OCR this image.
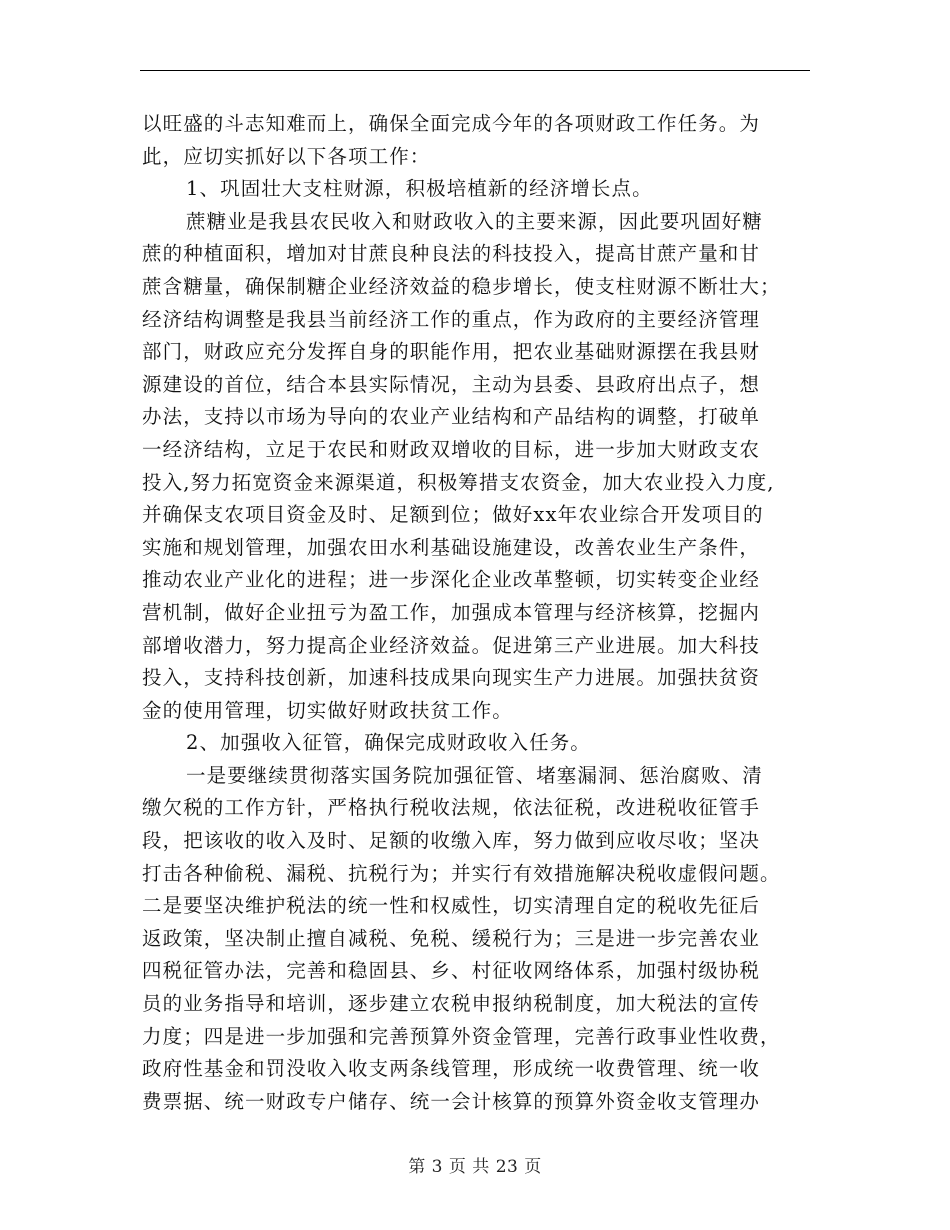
以旺盛的斗志知难而上，确保全面完成今年的各项财政工作任务。为
此，应切实抓好以下各项工作：
1、巩固壮大支柱财源，积极培植新的经济增长点。
蔗糖业是我县农民收入和财政收入的主要来源，因此要巩固好糖
蔗的种植面积，增加对甘蔗良种良法的科技投入，提高甘蔗产量和甘
蔗含糖量，确保制糖企业经济效益的稳步增长，使支柱财源不断壮大；
经济结构调整是我县当前经济工作的重点，作为政府的主要经济管理
部门，财政应充分发挥自身的职能作用，把农业基础财源摆在我县财
源建设的首位，结合本县实际情况，主动为县委、县政府出点子，想
办法，支持以市场为导向的农业产业结构和产品结构的调整，打破单
一经济结构，立足于农民和财政双增收的目标，进一步加大财政支农
投入,努力拓宽资金来源渠道，积极筹措支农资金，加大农业投入力度,
并确保支农项目资金及时、足额到位；做好xx年农业综合开发项目的
实施和规划管理，加强农田水利基础设施建设，改善农业生产条件，
推动农业产业化的进程；进一步深化企业改革整顿，切实转变企业经
营机制，做好企业扭亏为盈工作，加强成本管理与经济核算，挖掘内
部增收潜力，努力提高企业经济效益。促进第三产业进展。加大科技
投入，支持科技创新，加速科技成果向现实生产力进展。加强扶贫资
金的使用管理，切实做好财政扶贫工作。
2、加强收入征管，确保完成财政收入任务。
一是要继续贯彻落实国务院加强征管、堵塞漏洞、惩治腐败、清
缴欠税的工作方针，严格执行税收法规，依法征税，改进税收征管手
段，把该收的收入及时、足额的收缴入库，努力做到应收尽收；坚决
打击各种偷税、漏税、抗税行为；并实行有效措施解决税收虚假问题。
二是要坚决维护税法的统一性和权威性，切实清理自定的税收先征后
返政策，坚决制止擅自减税、免税、缓税行为；三是进一步完善农业
四税征管办法，完善和稳固县、乡、村征收网络体系，加强村级协税
员的业务指导和培训，逐步建立农税申报纳税制度，加大税法的宣传
力度；四是进一步加强和完善预算外资金管理，完善行政事业性收费，
政府性基金和罚没收入收支两条线管理，形成统一收费管理、统一收
费票据、统一财政专户储存、统一会计核算的预算外资金收支管理办
第 3 页 共 23 页
